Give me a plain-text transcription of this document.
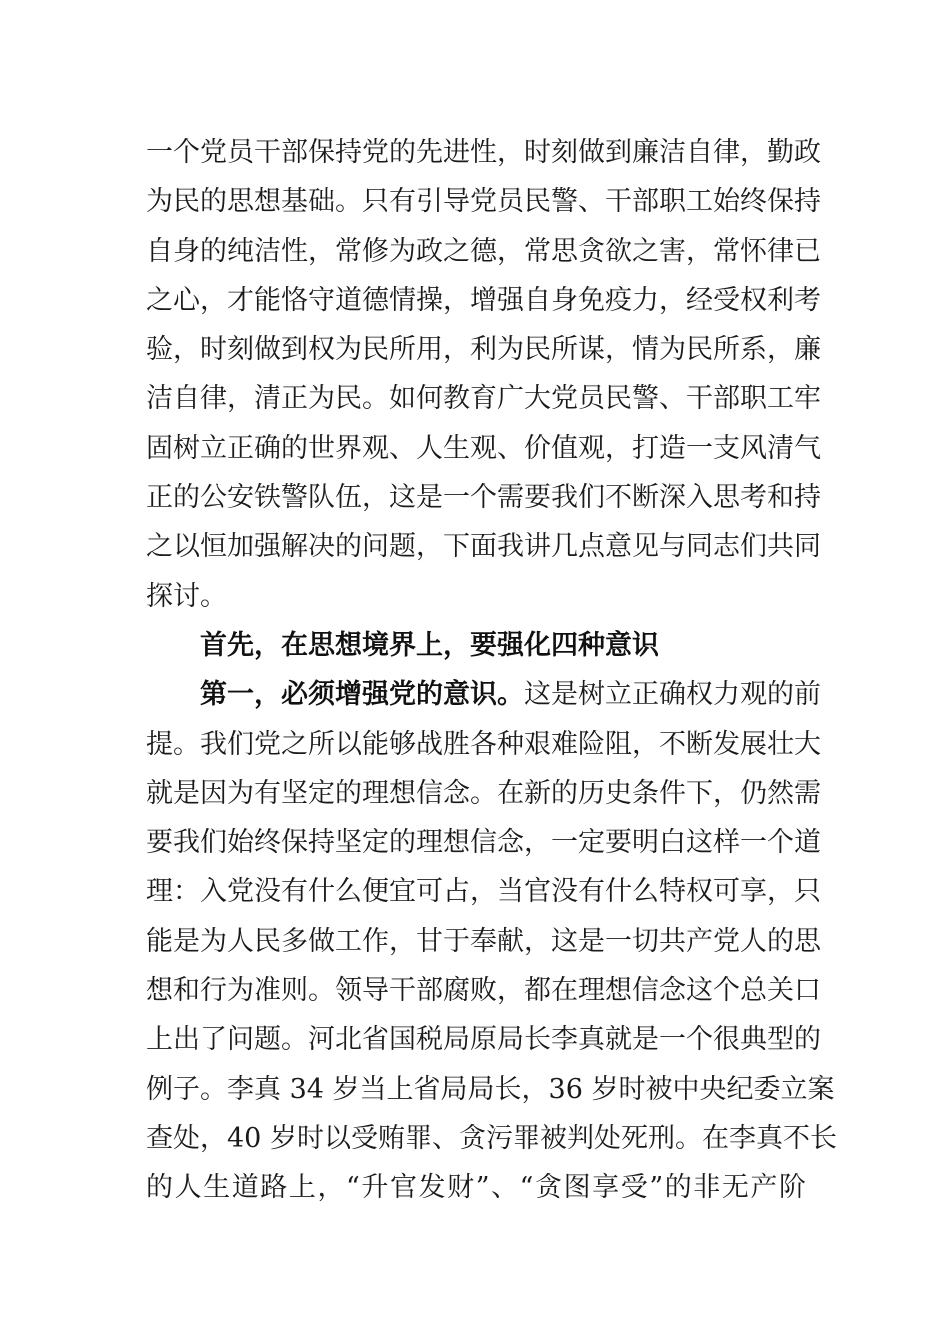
一个党员干部保持党的先进性，时刻做到廉洁自律，勤政
为民的思想基础。只有引导党员民警、干部职工始终保持
自身的纯洁性，常修为政之德，常思贪欲之害，常怀律已
之心，才能恪守道德情操，增强自身免疫力，经受权利考
验，时刻做到权为民所用，利为民所谋，情为民所系，廉
洁自律，清正为民。如何教育广大党员民警、干部职工牢
固树立正确的世界观、人生观、价值观，打造一支风清气
正的公安铁警队伍，这是一个需要我们不断深入思考和持
之以恒加强解决的问题，下面我讲几点意见与同志们共同
探讨。
首先，在思想境界上，要强化四种意识
第一，必须增强党的意识。这是树立正确权力观的前
提。我们党之所以能够战胜各种艰难险阻，不断发展壮大
就是因为有坚定的理想信念。在新的历史条件下，仍然需
要我们始终保持坚定的理想信念，一定要明白这样一个道
理：入党没有什么便宜可占，当官没有什么特权可享，只
能是为人民多做工作，甘于奉献，这是一切共产党人的思
想和行为准则。领导干部腐败，都在理想信念这个总关口
上出了问题。河北省国税局原局长李真就是一个很典型的
例子。李真 34 岁当上省局局长，36 岁时被中央纪委立案
查处，40 岁时以受贿罪、贪污罪被判处死刑。在李真不长
的人生道路上，“升官发财”、“贪图享受”的非无产阶
